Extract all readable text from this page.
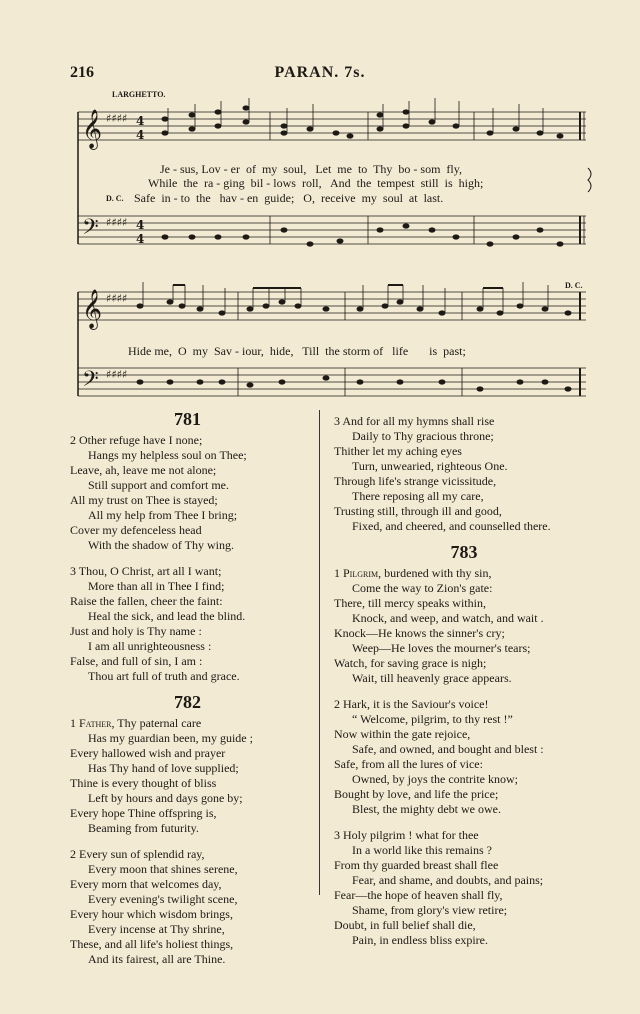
216	PARAN. 7s.
LARGHETTO.
𝄞
𝄢
𝄞
𝄢
♯♯♯♯
♯♯♯♯
♯♯♯♯
♯♯♯♯
4
4
4
4
Je - sus, Lov - er  of  my  soul,   Let  me  to  Thy  bo - som  fly,
While  the  ra - ging  bil - lows  roll,   And  the  tempest  still  is  high;
D. C. Safe  in - to  the   hav - en  guide;   O,  receive  my  soul  at  last.
Hide me,  O  my  Sav - iour,  hide,   Till  the storm of   life       is  past;
D. C.
781
2 Other refuge have I none;
Hangs my helpless soul on Thee;
Leave, ah, leave me not alone;
Still support and comfort me.
All my trust on Thee is stayed;
All my help from Thee I bring;
Cover my defenceless head
With the shadow of Thy wing.
3 Thou, O Christ, art all I want;
More than all in Thee I find;
Raise the fallen, cheer the faint:
Heal the sick, and lead the blind.
Just and holy is Thy name :
I am all unrighteousness :
False, and full of sin, I am :
Thou art full of truth and grace.
782
1 Father, Thy paternal care
Has my guardian been, my guide ;
Every hallowed wish and prayer
Has Thy hand of love supplied;
Thine is every thought of bliss
Left by hours and days gone by;
Every hope Thine offspring is,
Beaming from futurity.
2 Every sun of splendid ray,
Every moon that shines serene,
Every morn that welcomes day,
Every evening's twilight scene,
Every hour which wisdom brings,
Every incense at Thy shrine,
These, and all life's holiest things,
And its fairest, all are Thine.
3 And for all my hymns shall rise
Daily to Thy gracious throne;
Thither let my aching eyes
Turn, unwearied, righteous One.
Through life's strange vicissitude,
There reposing all my care,
Trusting still, through ill and good,
Fixed, and cheered, and counselled there.
783
1 Pilgrim, burdened with thy sin,
Come the way to Zion's gate:
There, till mercy speaks within,
Knock, and weep, and watch, and wait .
Knock—He knows the sinner's cry;
Weep—He loves the mourner's tears;
Watch, for saving grace is nigh;
Wait, till heavenly grace appears.
2 Hark, it is the Saviour's voice!
“ Welcome, pilgrim, to thy rest !”
Now within the gate rejoice,
Safe, and owned, and bought and blest :
Safe, from all the lures of vice:
Owned, by joys the contrite know;
Bought by love, and life the price;
Blest, the mighty debt we owe.
3 Holy pilgrim ! what for thee
In a world like this remains ?
From thy guarded breast shall flee
Fear, and shame, and doubts, and pains;
Fear—the hope of heaven shall fly,
Shame, from glory's view retire;
Doubt, in full belief shall die,
Pain, in endless bliss expire.
